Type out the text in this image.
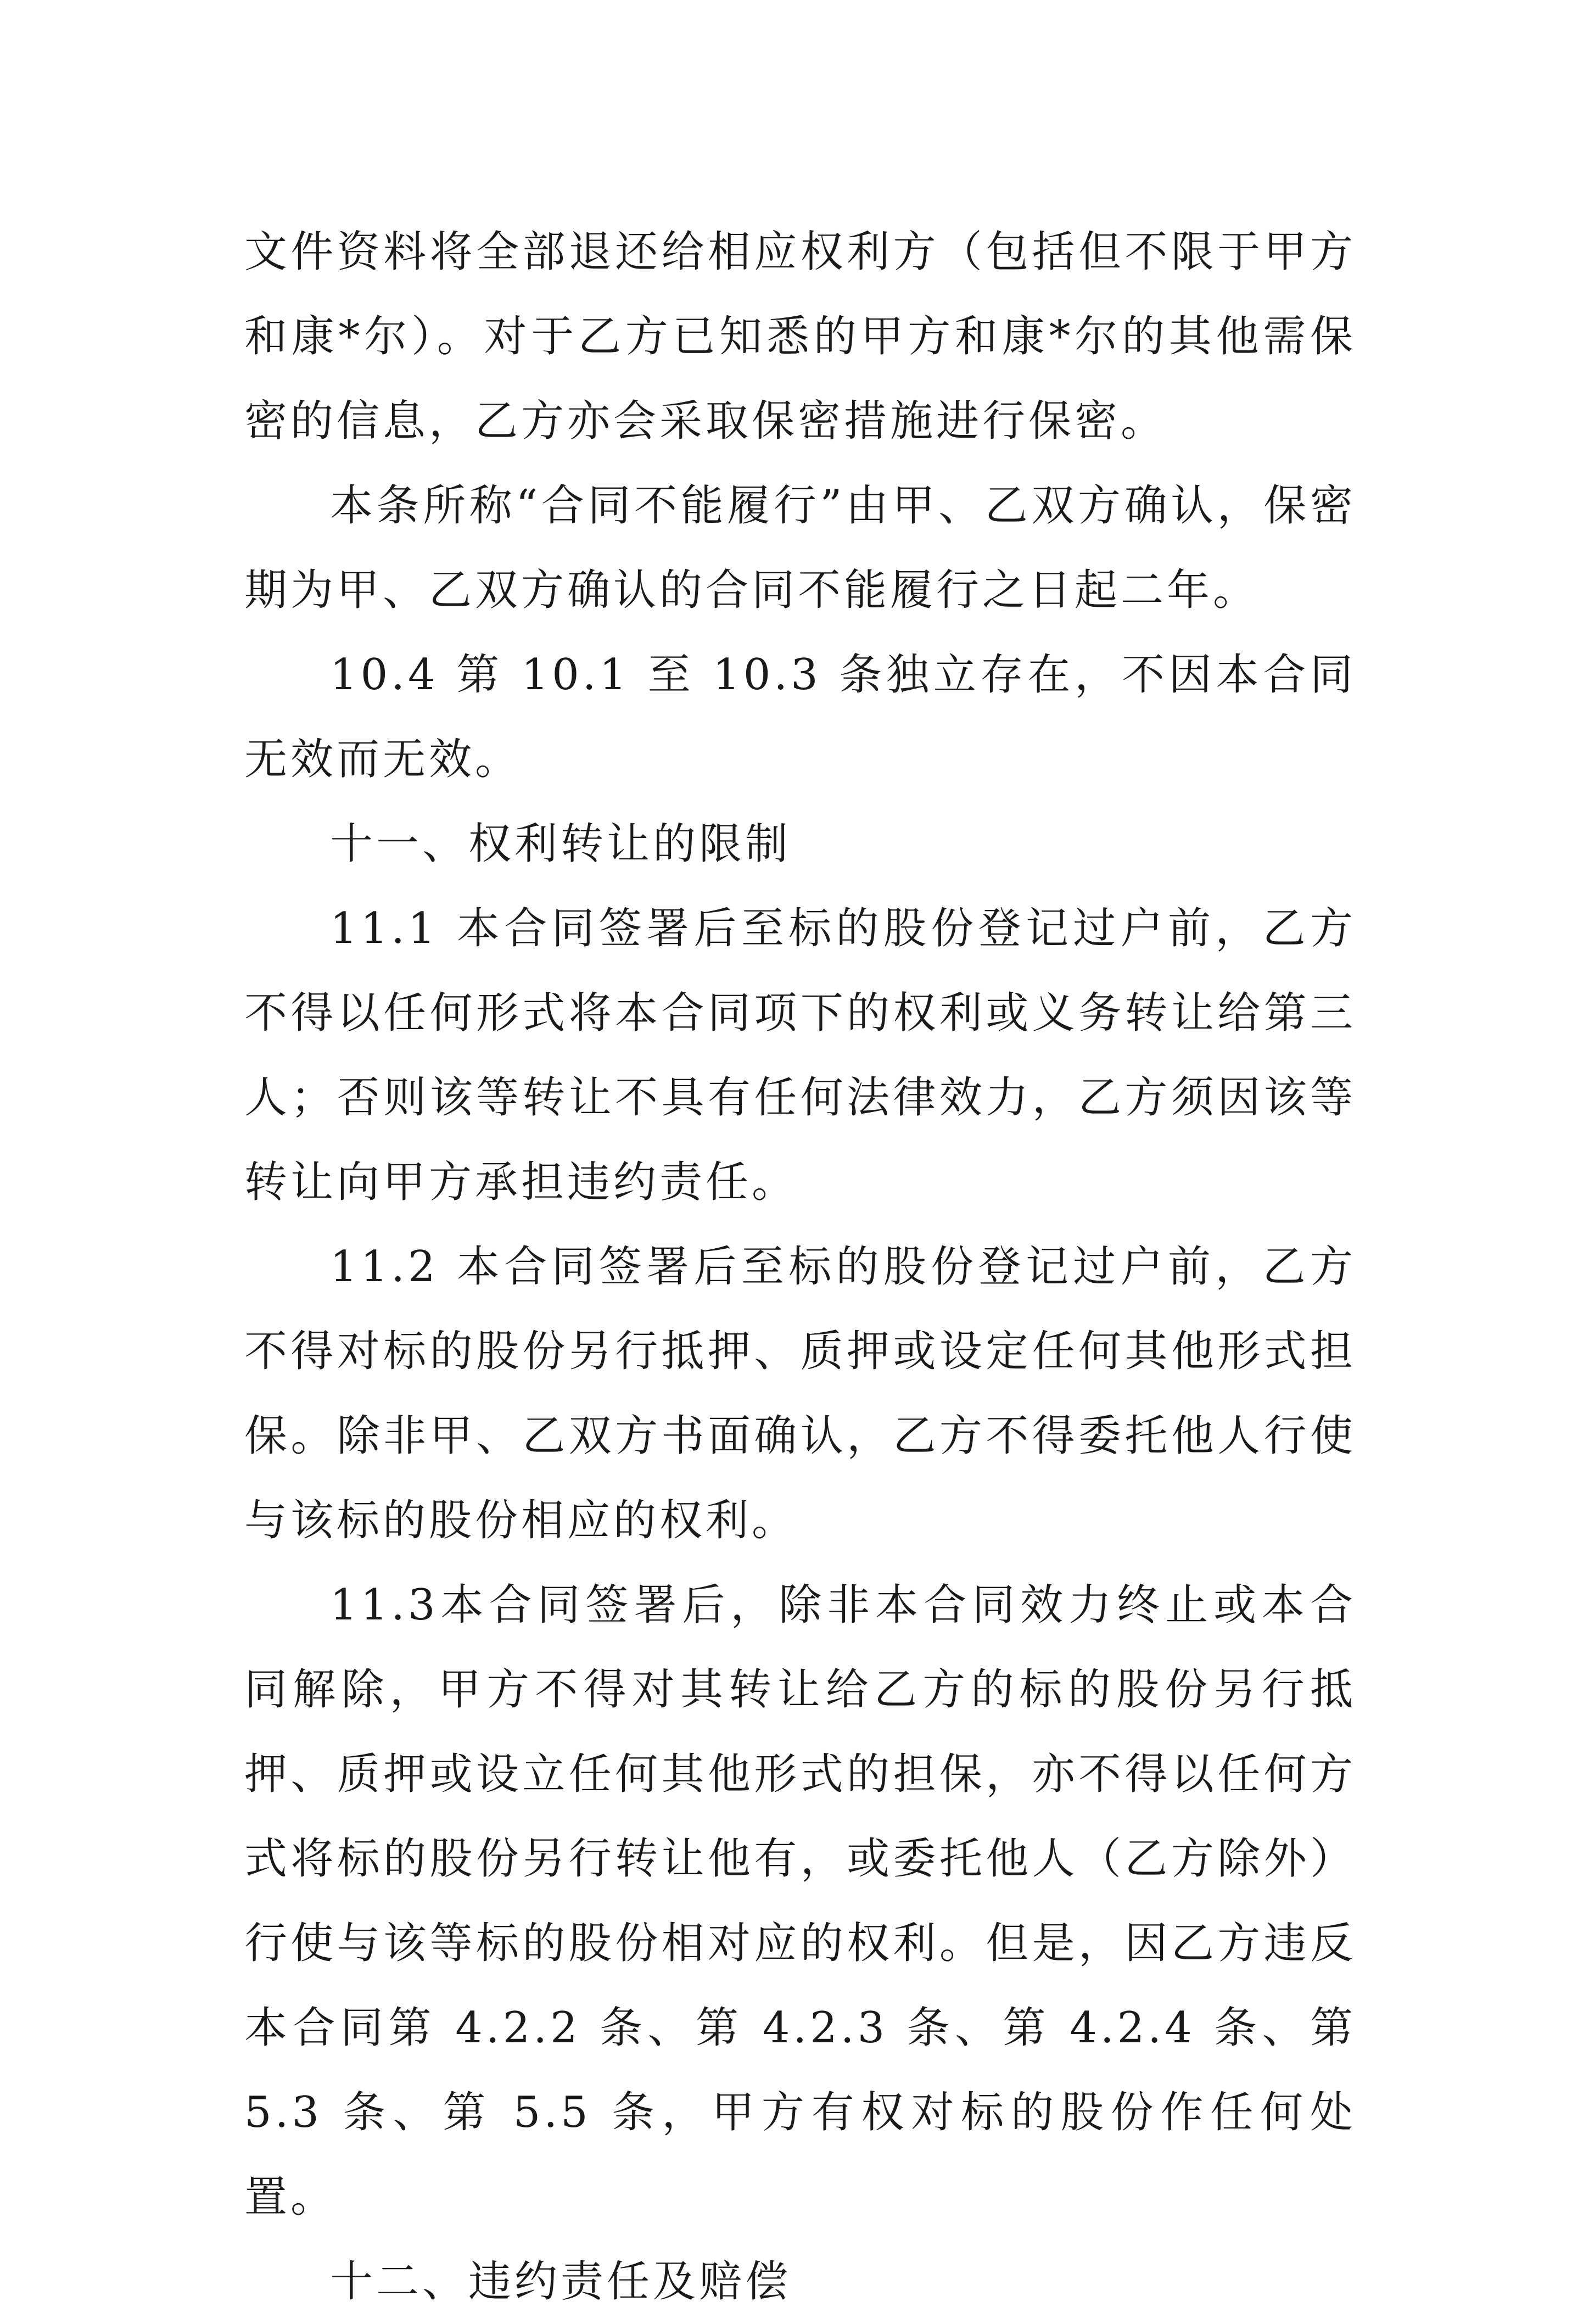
文件资料将全部退还给相应权利方（包括但不限于甲方和康*尔）。对于乙方已知悉的甲方和康*尔的其他需保密的信息，乙方亦会采取保密措施进行保密。

本条所称“合同不能履行”由甲、乙双方确认，保密期为甲、乙双方确认的合同不能履行之日起二年。

10.4 第 10.1 至 10.3 条独立存在，不因本合同无效而无效。

十一、权利转让的限制

11.1 本合同签署后至标的股份登记过户前，乙方不得以任何形式将本合同项下的权利或义务转让给第三人；否则该等转让不具有任何法律效力，乙方须因该等转让向甲方承担违约责任。

11.2 本合同签署后至标的股份登记过户前，乙方不得对标的股份另行抵押、质押或设定任何其他形式担保。除非甲、乙双方书面确认，乙方不得委托他人行使与该标的股份相应的权利。

11.3本合同签署后，除非本合同效力终止或本合同解除，甲方不得对其转让给乙方的标的股份另行抵押、质押或设立任何其他形式的担保，亦不得以任何方式将标的股份另行转让他有，或委托他人（乙方除外）行使与该等标的股份相对应的权利。但是，因乙方违反本合同第 4.2.2 条、第 4.2.3 条、第 4.2.4 条、第 5.3 条、第 5.5 条，甲方有权对标的股份作任何处置。

十二、违约责任及赔偿
